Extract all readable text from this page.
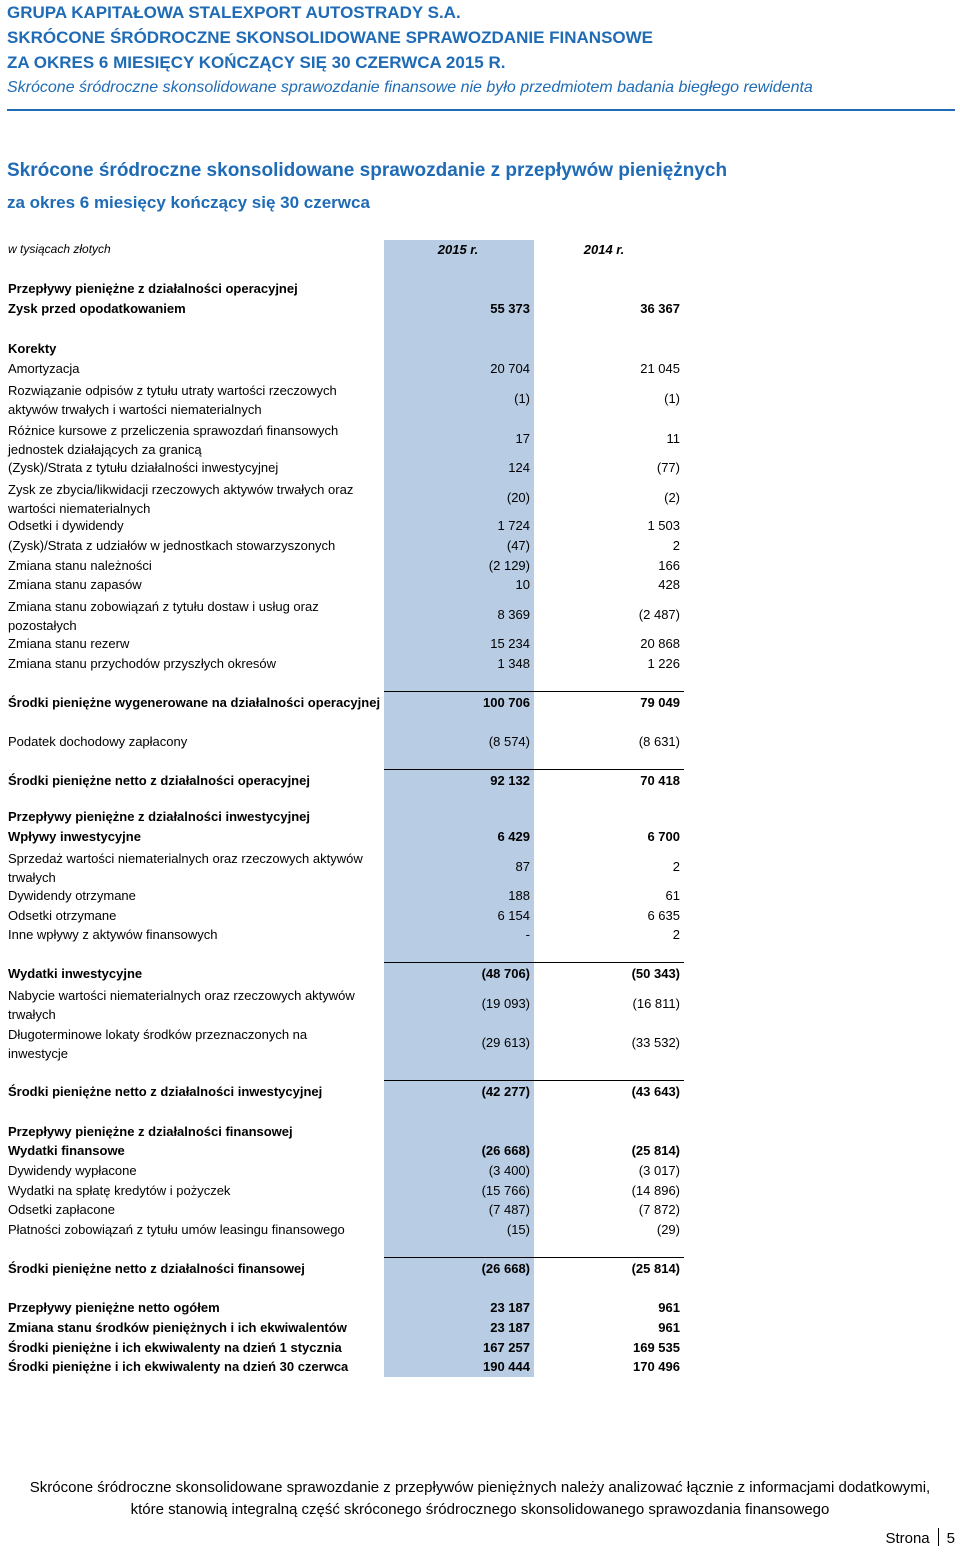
GRUPA KAPITAŁOWA STALEXPORT AUTOSTRADY S.A.
SKRÓCONE ŚRÓDROCZNE SKONSOLIDOWANE SPRAWOZDANIE FINANSOWE
ZA OKRES 6 MIESIĘCY KOŃCZĄCY SIĘ 30 CZERWCA 2015 R.
Skrócone śródroczne skonsolidowane sprawozdanie finansowe nie było przedmiotem badania biegłego rewidenta
Skrócone śródroczne skonsolidowane sprawozdanie z przepływów pieniężnych
za okres 6 miesięcy kończący się 30 czerwca
w tysiącach złotych	2015 r.	2014 r.
Przepływy pieniężne z działalności operacyjnej
Zysk przed opodatkowaniem	55 373	36 367
Korekty
Amortyzacja	20 704	21 045
Rozwiązanie odpisów z tytułu utraty wartości rzeczowych aktywów trwałych i wartości niematerialnych
(1)	(1)
Różnice kursowe z przeliczenia sprawozdań finansowych jednostek działających za granicą
17	11
(Zysk)/Strata z tytułu działalności inwestycyjnej	124	(77)
Zysk ze zbycia/likwidacji rzeczowych aktywów trwałych oraz wartości niematerialnych
(20)	(2)
Odsetki i dywidendy	1 724	1 503
(Zysk)/Strata z udziałów w jednostkach stowarzyszonych	(47)	2
Zmiana stanu należności	(2 129)	166
Zmiana stanu zapasów	10	428
Zmiana stanu zobowiązań z tytułu dostaw i usług oraz pozostałych
8 369	(2 487)
Zmiana stanu rezerw	15 234	20 868
Zmiana stanu przychodów przyszłych okresów	1 348	1 226
Środki pieniężne wygenerowane na działalności operacyjnej	100 706	79 049
Podatek dochodowy zapłacony	(8 574)	(8 631)
Środki pieniężne netto z działalności operacyjnej	92 132	70 418
Przepływy pieniężne z działalności inwestycyjnej
Wpływy inwestycyjne	6 429	6 700
Sprzedaż wartości niematerialnych oraz rzeczowych aktywów trwałych
87	2
Dywidendy otrzymane	188	61
Odsetki otrzymane	6 154	6 635
Inne wpływy z aktywów finansowych	-	2
Wydatki inwestycyjne	(48 706)	(50 343)
Nabycie wartości niematerialnych oraz rzeczowych aktywów trwałych
(19 093)	(16 811)
Długoterminowe lokaty środków przeznaczonych na inwestycje
(29 613)	(33 532)
Środki pieniężne netto z działalności inwestycyjnej	(42 277)	(43 643)
Przepływy pieniężne z działalności finansowej
Wydatki finansowe	(26 668)	(25 814)
Dywidendy wypłacone	(3 400)	(3 017)
Wydatki na spłatę kredytów i pożyczek	(15 766)	(14 896)
Odsetki zapłacone	(7 487)	(7 872)
Płatności zobowiązań z tytułu umów leasingu finansowego	(15)	(29)
Środki pieniężne netto z działalności finansowej	(26 668)	(25 814)
Przepływy pieniężne netto ogółem	23 187	961
Zmiana stanu środków pieniężnych i ich ekwiwalentów	23 187	961
Środki pieniężne i ich ekwiwalenty na dzień 1 stycznia	167 257	169 535
Środki pieniężne i ich ekwiwalenty na dzień 30 czerwca	190 444	170 496
Skrócone śródroczne skonsolidowane sprawozdanie z przepływów pieniężnych należy analizować łącznie z informacjami dodatkowymi,
które stanowią integralną część skróconego śródrocznego skonsolidowanego sprawozdania finansowego
Strona 5
